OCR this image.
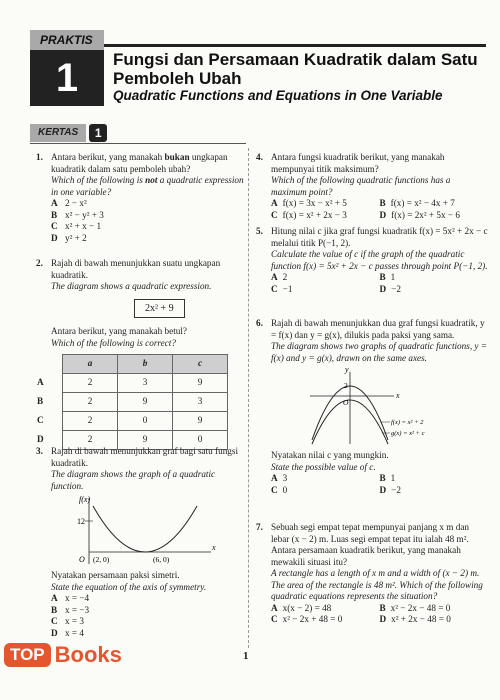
PRAKTIS
1	Fungsi dan Persamaan Kuadratik dalam Satu Pemboleh Ubah
Quadratic Functions and Equations in One Variable
KERTAS	1
1. Antara berikut, yang manakah bukan ungkapan kuadratik dalam satu pemboleh ubah?
Which of the following is not a quadratic expression in one variable?
A 2 − x²
B x² − y² + 3
C x² + x − 1
D y² + 2
2. Rajah di bawah menunjukkan suatu ungkapan kuadratik.
The diagram shows a quadratic expression.
2x² + 9
Antara berikut, yang manakah betul?
Which of the following is correct?
	a	b	c
A	2	3	9
B	2	9	3
C	2	0	9
D	2	9	0
3. Rajah di bawah menunjukkan graf bagi satu fungsi kuadratik.
The diagram shows the graph of a quadratic function.
f(x)
x
12
O (2, 0)	(6, 0)
Nyatakan persamaan paksi simetri.
State the equation of the axis of symmetry.
A x = −4
B x = −3
C x = 3
D x = 4
4. Antara fungsi kuadratik berikut, yang manakah mempunyai titik maksimum?
Which of the following quadratic functions has a maximum point?
A f(x) = 3x − x² + 5	B f(x) = x² − 4x + 7
C f(x) = x² + 2x − 3	D f(x) = 2x² + 5x − 6
5. Hitung nilai c jika graf fungsi kuadratik f(x) = 5x² + 2x − c melalui titik P(−1, 2).
Calculate the value of c if the graph of the quadratic function f(x) = 5x² + 2x − c passes through point P(−1, 2).
A 2	B 1
C −1	D −2
6. Rajah di bawah menunjukkan dua graf fungsi kuadratik, y = f(x) dan y = g(x), dilukis pada paksi yang sama.
The diagram shows two graphs of quadratic functions, y = f(x) and y = g(x), drawn on the same axes.
y
x
2
O
f(x) = x² + 2
g(x) = x² + c
Nyatakan nilai c yang mungkin.
State the possible value of c.
A 3	B 1
C 0	D −2
7. Sebuah segi empat tepat mempunyai panjang x m dan lebar (x − 2) m. Luas segi empat tepat itu ialah 48 m². Antara persamaan kuadratik berikut, yang manakah mewakili situasi itu?
A rectangle has a length of x m and a width of (x − 2) m. The area of the rectangle is 48 m². Which of the following quadratic equations represents the situation?
A x(x − 2) = 48	B x² − 2x − 48 = 0
C x² − 2x + 48 = 0	D x² + 2x − 48 = 0
1
TOP Books
